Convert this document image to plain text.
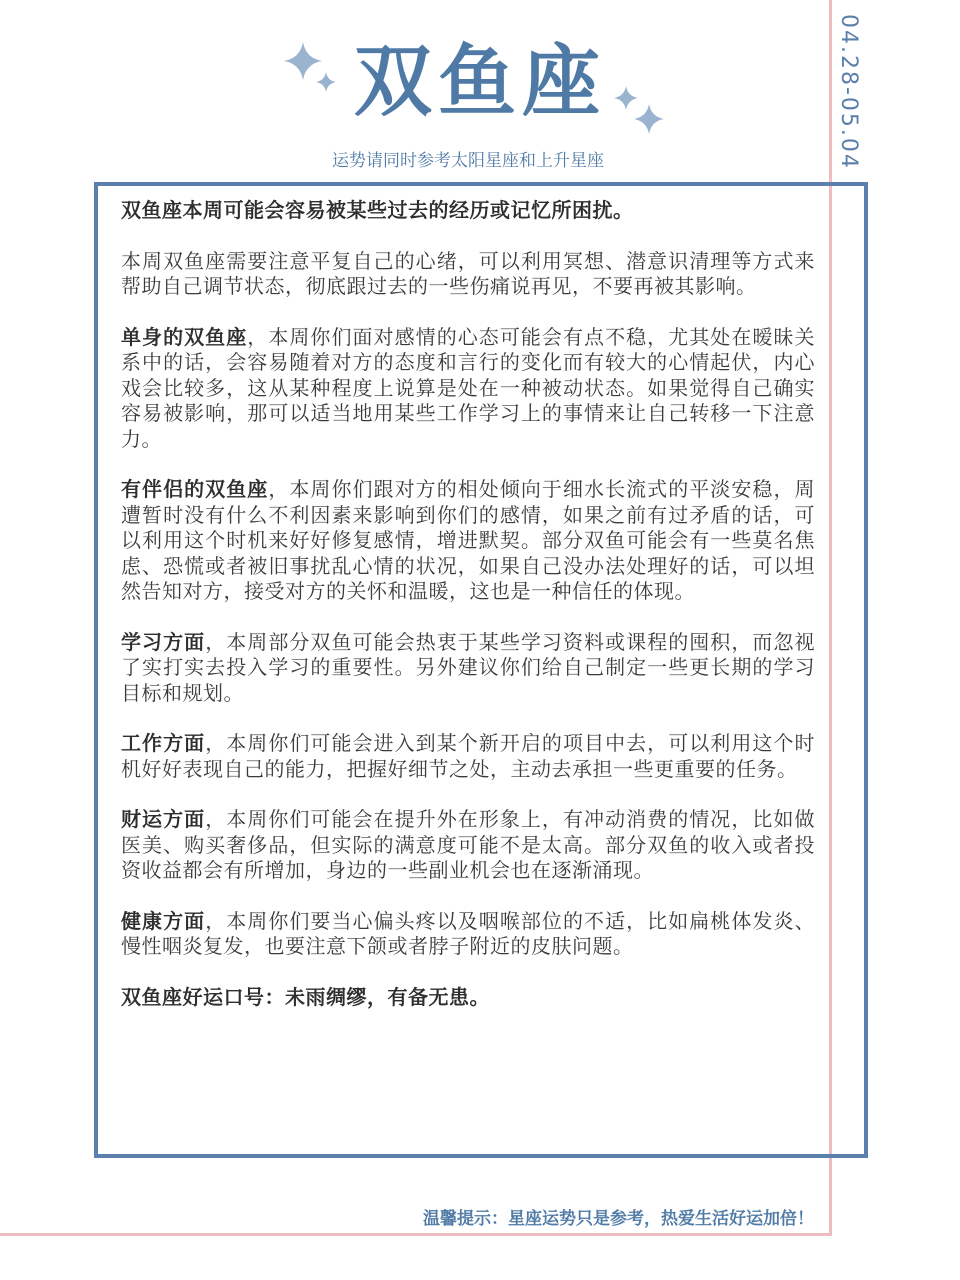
04.28-05.04
双鱼座
运势请同时参考太阳星座和上升星座

双鱼座本周可能会容易被某些过去的经历或记忆所困扰。

本周双鱼座需要注意平复自己的心绪，可以利用冥想、潜意识清理等方式来帮助自己调节状态，彻底跟过去的一些伤痛说再见，不要再被其影响。

单身的双鱼座，本周你们面对感情的心态可能会有点不稳，尤其处在暧昧关系中的话，会容易随着对方的态度和言行的变化而有较大的心情起伏，内心戏会比较多，这从某种程度上说算是处在一种被动状态。如果觉得自己确实容易被影响，那可以适当地用某些工作学习上的事情来让自己转移一下注意力。

有伴侣的双鱼座，本周你们跟对方的相处倾向于细水长流式的平淡安稳，周遭暂时没有什么不利因素来影响到你们的感情，如果之前有过矛盾的话，可以利用这个时机来好好修复感情，增进默契。部分双鱼可能会有一些莫名焦虑、恐慌或者被旧事扰乱心情的状况，如果自己没办法处理好的话，可以坦然告知对方，接受对方的关怀和温暖，这也是一种信任的体现。

学习方面，本周部分双鱼可能会热衷于某些学习资料或课程的囤积，而忽视了实打实去投入学习的重要性。另外建议你们给自己制定一些更长期的学习目标和规划。

工作方面，本周你们可能会进入到某个新开启的项目中去，可以利用这个时机好好表现自己的能力，把握好细节之处，主动去承担一些更重要的任务。

财运方面，本周你们可能会在提升外在形象上，有冲动消费的情况，比如做医美、购买奢侈品，但实际的满意度可能不是太高。部分双鱼的收入或者投资收益都会有所增加，身边的一些副业机会也在逐渐涌现。

健康方面，本周你们要当心偏头疼以及咽喉部位的不适，比如扁桃体发炎、慢性咽炎复发，也要注意下颌或者脖子附近的皮肤问题。

双鱼座好运口号：未雨绸缪，有备无患。

温馨提示：星座运势只是参考，热爱生活好运加倍！
